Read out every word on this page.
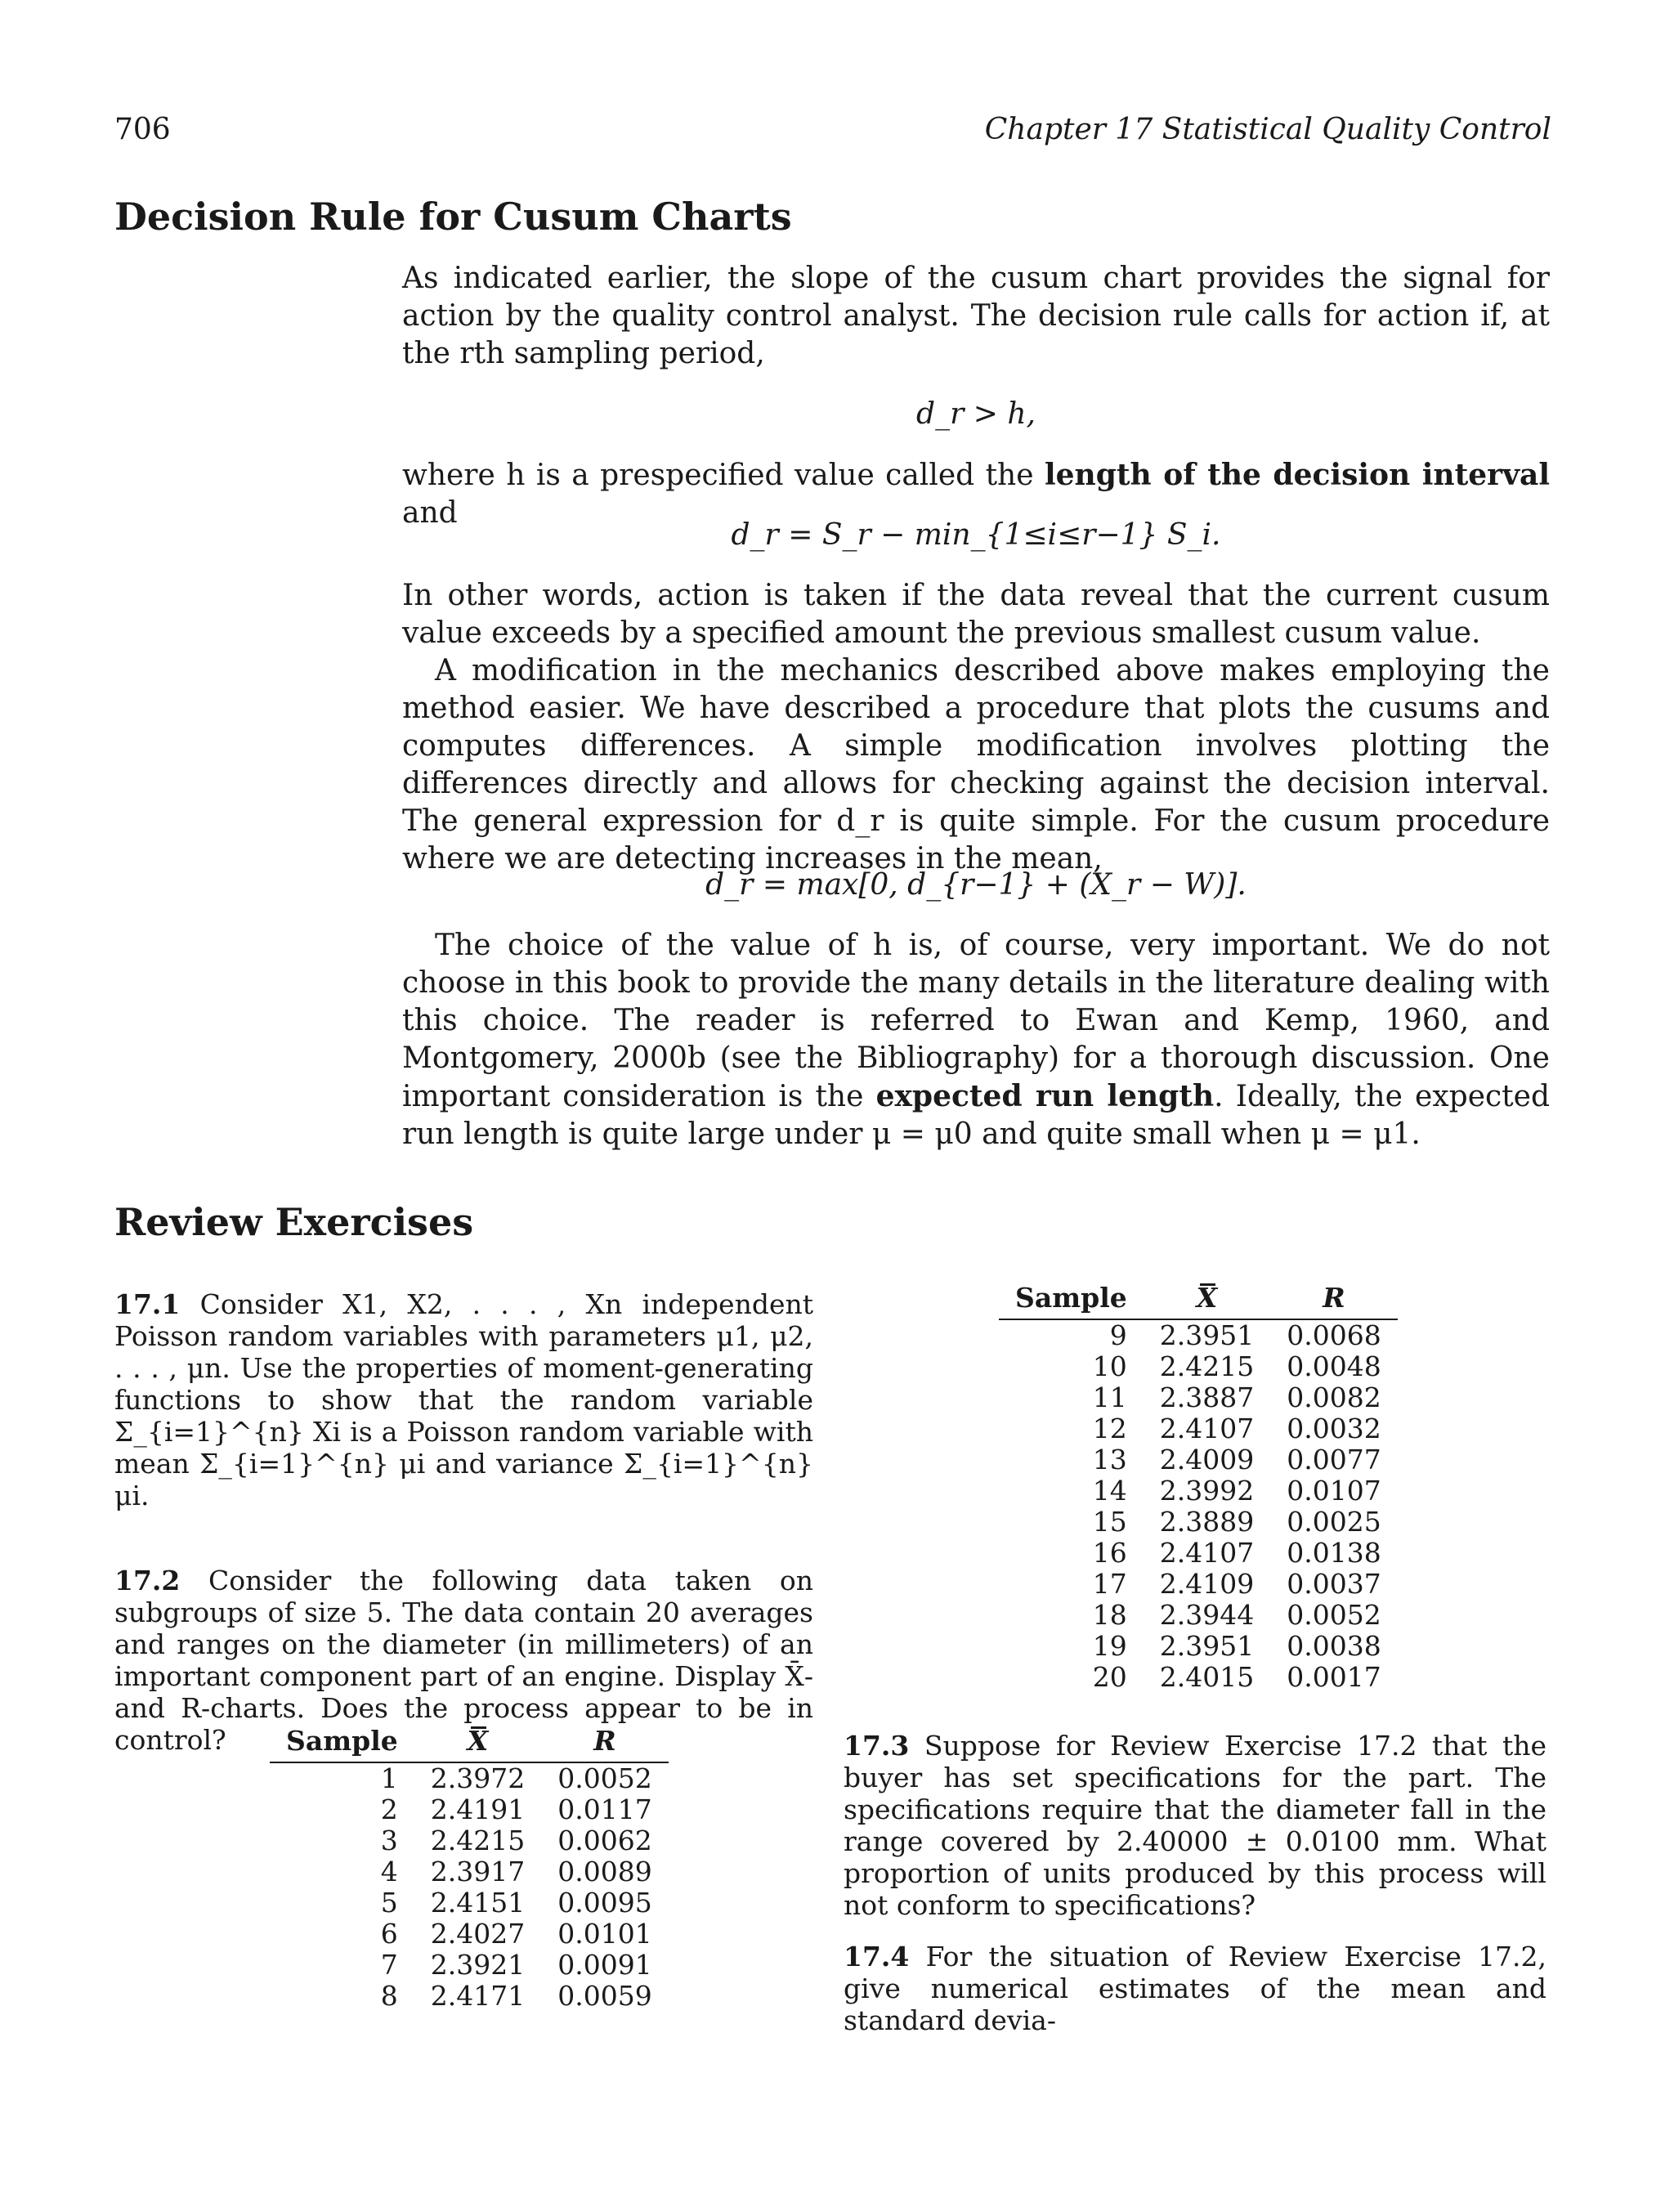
706	Chapter 17 Statistical Quality Control
Decision Rule for Cusum Charts
As indicated earlier, the slope of the cusum chart provides the signal for action by the quality control analyst. The decision rule calls for action if, at the rth sampling period,
d_r > h,
where h is a prespecified value called the length of the decision interval and
d_r = S_r − min_{1≤i≤r−1} S_i.
In other words, action is taken if the data reveal that the current cusum value exceeds by a specified amount the previous smallest cusum value.
A modification in the mechanics described above makes employing the method easier. We have described a procedure that plots the cusums and computes differences. A simple modification involves plotting the differences directly and allows for checking against the decision interval. The general expression for d_r is quite simple. For the cusum procedure where we are detecting increases in the mean,
d_r = max[0, d_{r−1} + (X_r − W)].
The choice of the value of h is, of course, very important. We do not choose in this book to provide the many details in the literature dealing with this choice. The reader is referred to Ewan and Kemp, 1960, and Montgomery, 2000b (see the Bibliography) for a thorough discussion. One important consideration is the expected run length. Ideally, the expected run length is quite large under μ = μ0 and quite small when μ = μ1.
Review Exercises
17.1 Consider X1, X2, . . . , Xn independent Poisson random variables with parameters μ1, μ2, . . . , μn. Use the properties of moment-generating functions to show that the random variable Σ_{i=1}^{n} Xi is a Poisson random variable with mean Σ_{i=1}^{n} μi and variance Σ_{i=1}^{n} μi.
17.2 Consider the following data taken on subgroups of size 5. The data contain 20 averages and ranges on the diameter (in millimeters) of an important component part of an engine. Display X̄- and R-charts. Does the process appear to be in control?	Sample	X	R
1	2.3972	0.0052
2	2.4191	0.0117
3	2.4215	0.0062
4	2.3917	0.0089
5	2.4151	0.0095
6	2.4027	0.0101
7	2.3921	0.0091
8	2.4171	0.0059
Sample	X	R
9	2.3951	0.0068
10	2.4215	0.0048
11	2.3887	0.0082
12	2.4107	0.0032
13	2.4009	0.0077
14	2.3992	0.0107
15	2.3889	0.0025
16	2.4107	0.0138
17	2.4109	0.0037
18	2.3944	0.0052
19	2.3951	0.0038
20	2.4015	0.0017
17.3 Suppose for Review Exercise 17.2 that the buyer has set specifications for the part. The specifications require that the diameter fall in the range covered by 2.40000 ± 0.0100 mm. What proportion of units produced by this process will not conform to specifications?
17.4 For the situation of Review Exercise 17.2, give numerical estimates of the mean and standard devia-
